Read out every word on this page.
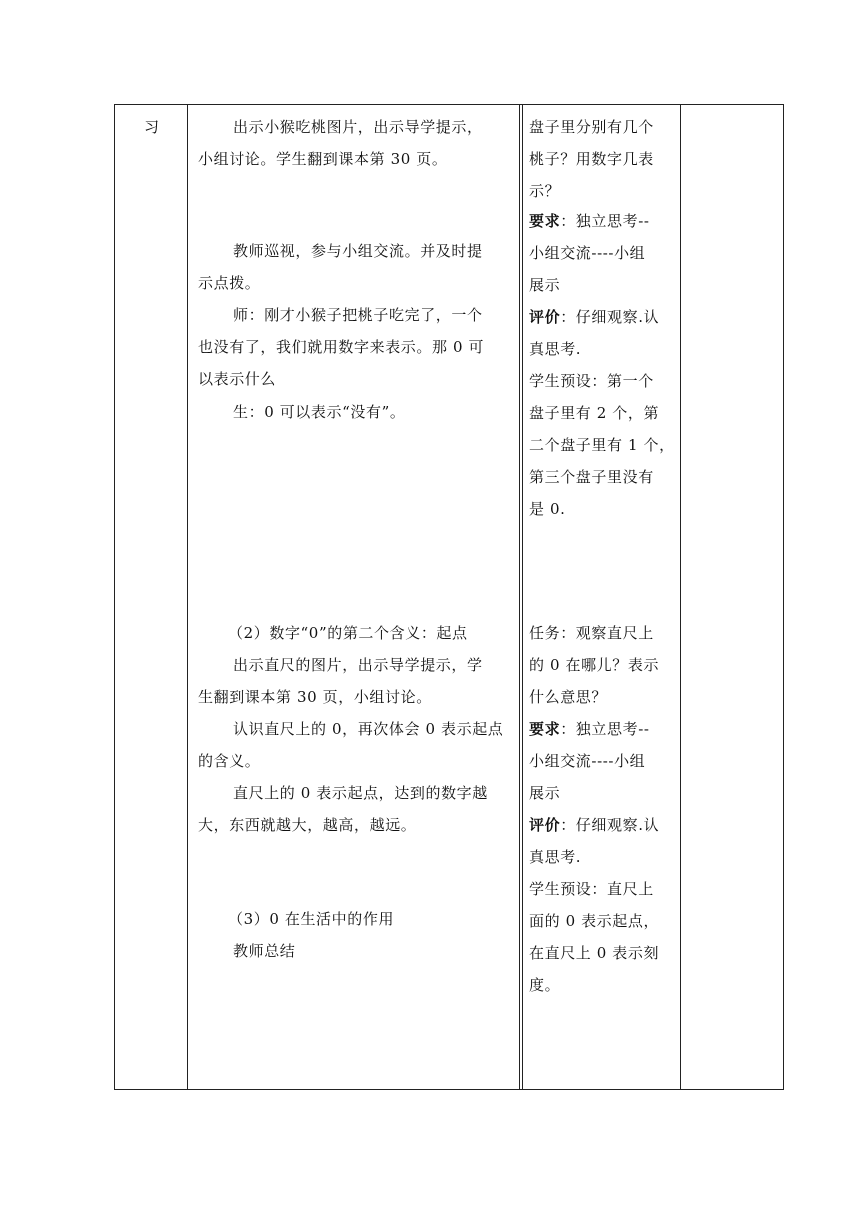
习	出示小猴吃桃图片，出示导学提示，
小组讨论。学生翻到课本第 30 页。
教师巡视，参与小组交流。并及时提
示点拨。
师：刚才小猴子把桃子吃完了，一个
也没有了，我们就用数字来表示。那 0 可
以表示什么
生：0 可以表示“没有”。
（2）数字“0”的第二个含义：起点
出示直尺的图片，出示导学提示，学
生翻到课本第 30 页，小组讨论。
认识直尺上的 0，再次体会 0 表示起点
的含义。
直尺上的 0 表示起点，达到的数字越
大，东西就越大，越高，越远。
（3）0 在生活中的作用
教师总结
盘子里分别有几个
桃子？用数字几表
示？
要求：独立思考--
小组交流----小组
展示
评价：仔细观察.认
真思考.
学生预设：第一个
盘子里有 2 个，第
二个盘子里有 1 个，
第三个盘子里没有
是 0.
任务：观察直尺上
的 0 在哪儿？表示
什么意思？
要求：独立思考--
小组交流----小组
展示
评价：仔细观察.认
真思考.
学生预设：直尺上
面的 0 表示起点，
在直尺上 0 表示刻
度。
